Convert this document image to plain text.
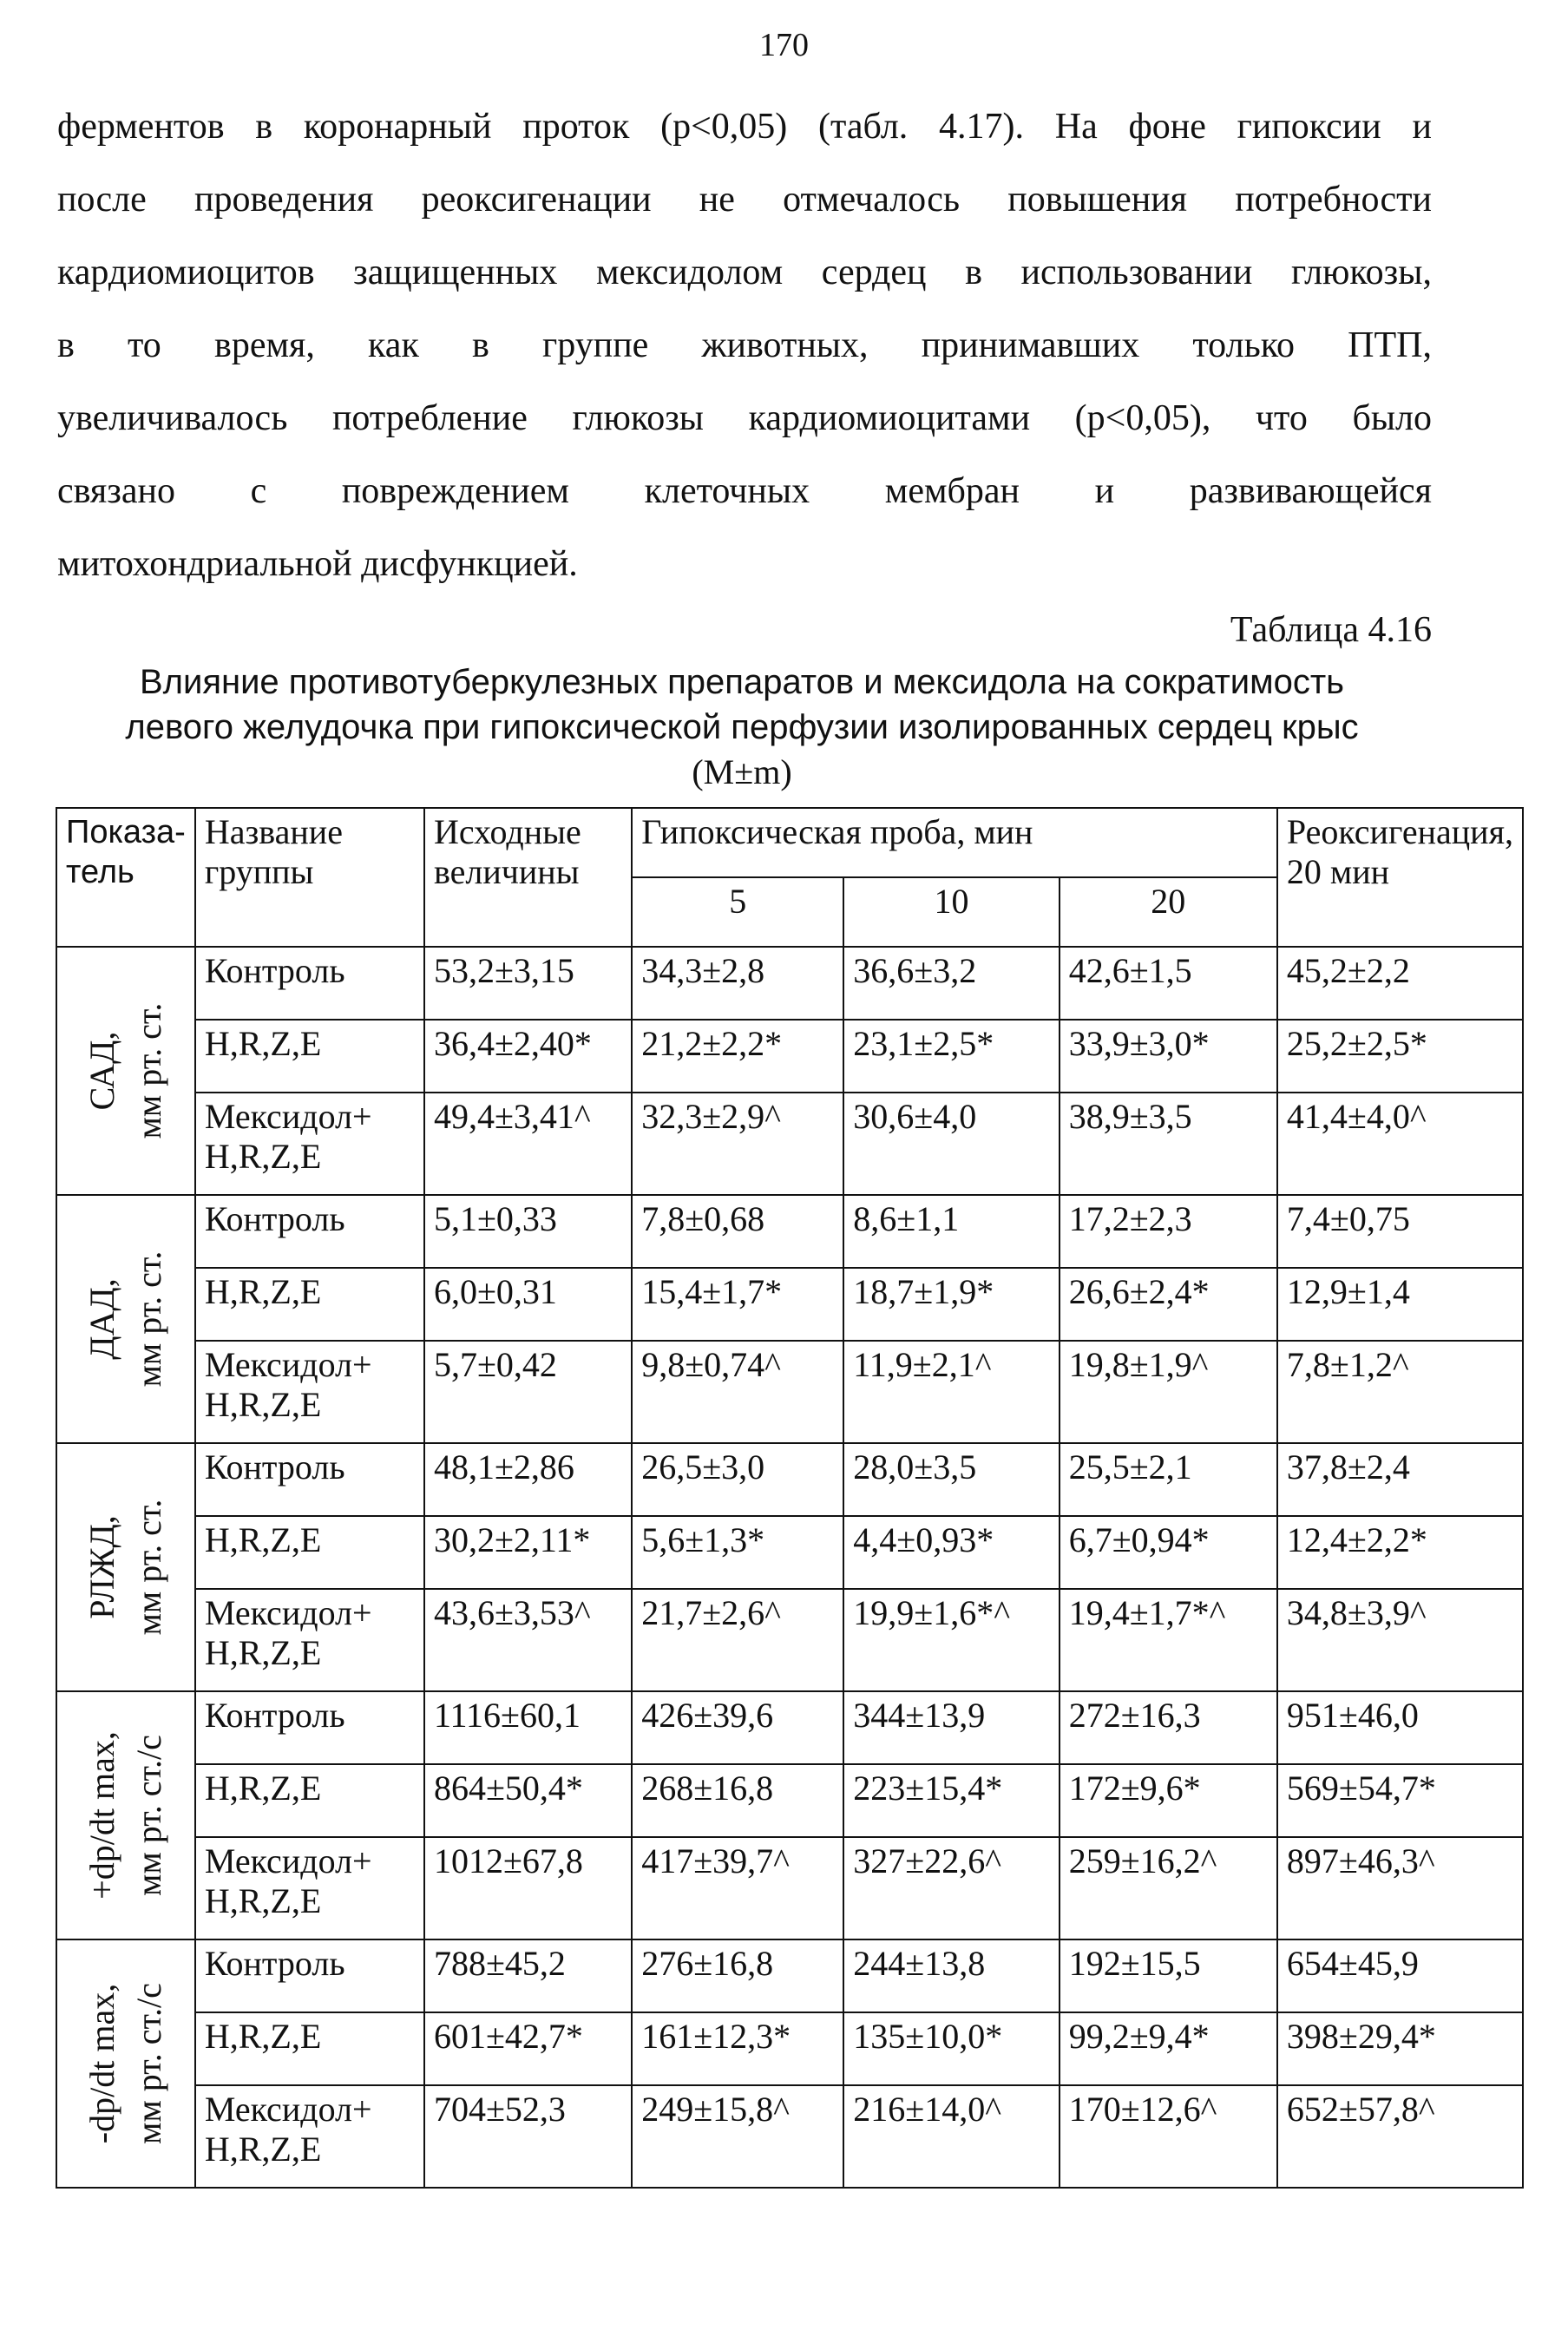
170
ферментов в коронарный проток (р<0,05) (табл. 4.17). На фоне гипоксии и
после проведения реоксигенации не отмечалось повышения потребности
кардиомиоцитов защищенных мексидолом сердец в использовании глюкозы,
в то время, как в группе животных, принимавших только ПТП,
увеличивалось потребление глюкозы кардиомиоцитами (р<0,05), что было
связано с повреждением клеточных мембран и развивающейся
митохондриальной дисфункцией.
Таблица 4.16
Влияние противотуберкулезных препаратов и мексидола на сократимость
левого желудочка при гипоксической перфузии изолированных сердец крыс
(M±m)
Показа-тель	Название группы	Исходные величины	Гипоксическая проба, мин			Реоксигенация, 20 мин
			5	10	20	

САД, мм рт. ст.	Контроль	53,2±3,15	34,3±2,8	36,6±3,2	42,6±1,5	45,2±2,2
	H,R,Z,E	36,4±2,40*	21,2±2,2*	23,1±2,5*	33,9±3,0*	25,2±2,5*
	Мексидол+ H,R,Z,E	49,4±3,41^	32,3±2,9^	30,6±4,0	38,9±3,5	41,4±4,0^

ДАД, мм рт. ст.	Контроль	5,1±0,33	7,8±0,68	8,6±1,1	17,2±2,3	7,4±0,75
	H,R,Z,E	6,0±0,31	15,4±1,7*	18,7±1,9*	26,6±2,4*	12,9±1,4
	Мексидол+ H,R,Z,E	5,7±0,42	9,8±0,74^	11,9±2,1^	19,8±1,9^	7,8±1,2^

РЛЖД, мм рт. ст.	Контроль	48,1±2,86	26,5±3,0	28,0±3,5	25,5±2,1	37,8±2,4
	H,R,Z,E	30,2±2,11*	5,6±1,3*	4,4±0,93*	6,7±0,94*	12,4±2,2*
	Мексидол+ H,R,Z,E	43,6±3,53^	21,7±2,6^	19,9±1,6*^	19,4±1,7*^	34,8±3,9^

+dp/dt max, мм рт. ст./с	Контроль	1116±60,1	426±39,6	344±13,9	272±16,3	951±46,0
	H,R,Z,E	864±50,4*	268±16,8	223±15,4*	172±9,6*	569±54,7*
	Мексидол+ H,R,Z,E	1012±67,8	417±39,7^	327±22,6^	259±16,2^	897±46,3^

-dp/dt max, мм рт. ст./с	Контроль	788±45,2	276±16,8	244±13,8	192±15,5	654±45,9
	H,R,Z,E	601±42,7*	161±12,3*	135±10,0*	99,2±9,4*	398±29,4*
	Мексидол+ H,R,Z,E	704±52,3	249±15,8^	216±14,0^	170±12,6^	652±57,8^
